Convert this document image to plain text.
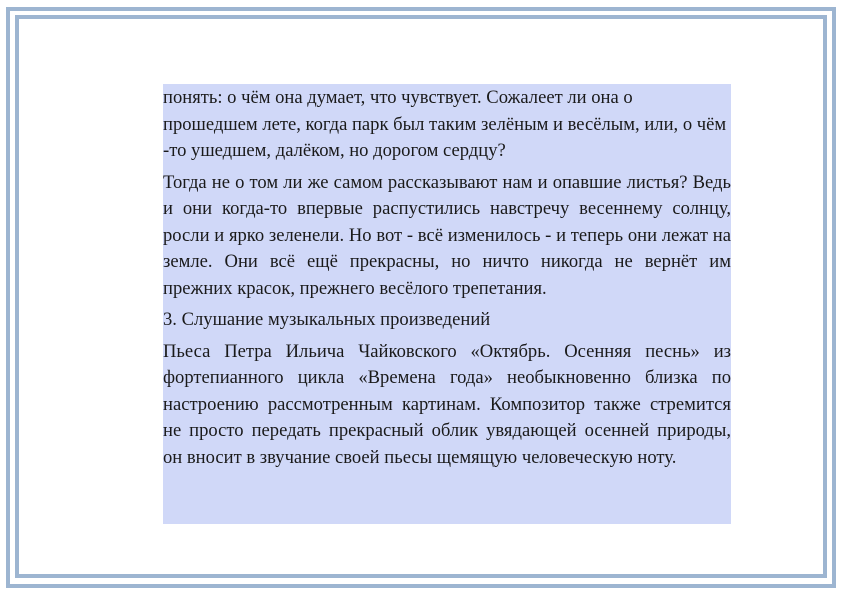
понять: о чём она думает, что чувствует. Сожалеет ли она о прошедшем лете, когда парк был таким зелёным и весёлым, или, о чём -то ушедшем, далёком, но дорогом сердцу?

Тогда не о том ли же самом рассказывают нам и опавшие листья? Ведь и они когда-то впервые распустились навстречу весеннему солнцу, росли и ярко зеленели. Но вот - всё изменилось - и теперь они лежат на земле. Они всё ещё прекрасны, но ничто никогда не вернёт им прежних красок, прежнего весёлого трепетания.

3. Слушание музыкальных произведений

Пьеса Петра Ильича Чайковского «Октябрь. Осенняя песнь» из фортепианного цикла «Времена года» необыкновенно близка по настроению рассмотренным картинам. Композитор также стремится не просто передать прекрасный облик увядающей осенней природы, он вносит в звучание своей пьесы щемящую человеческую ноту.
